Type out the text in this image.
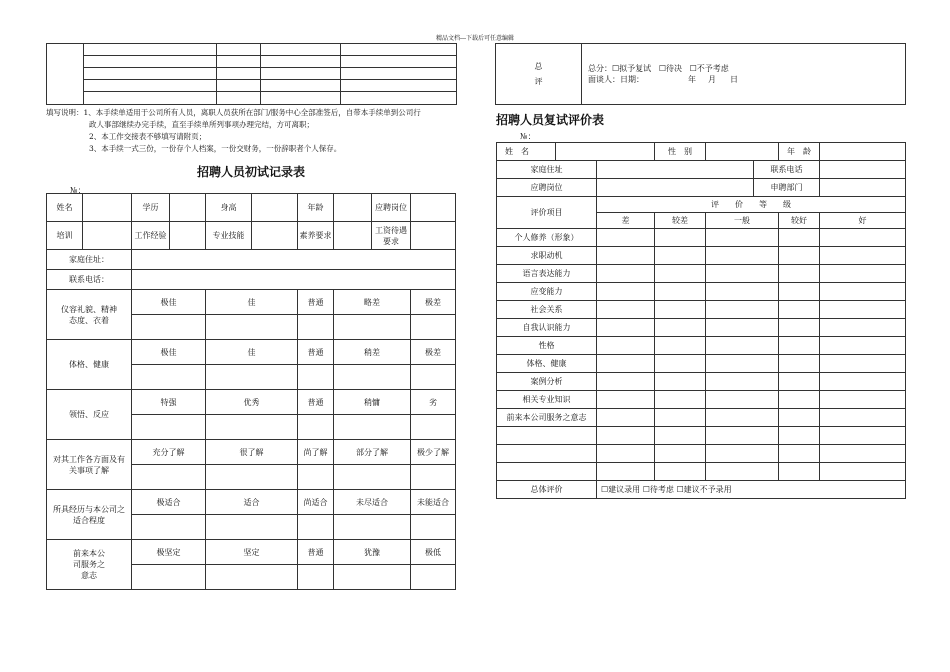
精品文档---下载后可任意编辑

填写说明：1、本手续单适用于公司所有人员，离职人员获所在部门/服务中心全部准签后，自带本手续单到公司行
政人事部继续办完手续，直至手续单所列事项办理完结，方可离职；
2、本工作交接表不够填写请附页；
3、本手续一式三份，一份存个人档案，一份交财务，一份辞职者个人保存。
招聘人员初试记录表
№：
姓名		学历		身高		年龄		应聘岗位	
培训		工作经验		专业技能		素养要求		工资待遇要求	
家庭住址：									
联系电话：									
仪容礼貌、精神态度、衣着		极佳		佳		普通	略差		极差

体格、健康		极佳		佳		普通	稍差		极差

领悟、反应		特强		优秀		普通	稍慵		劣

对其工作各方面及有关事项了解		充分了解		很了解		尚了解	部分了解		极少了解

所具经历与本公司之适合程度		极适合		适合		尚适合	未尽适合		未能适合

前来本公司服务之意志		极坚定		坚定		普通	犹豫		极低

总
评

总分：☐拟予复试 ☐待决 ☐不予考虑
面谈人：日期：	年 月 日
招聘人员复试评价表
№：
姓　名			性　别			年　龄	
家庭住址					联系电话		
应聘岗位					申聘部门		
评价项目		评　　价　　等　　级					
		差	较差	一般		较好	好
个人修养（形象）							
求职动机							
语言表达能力							
应变能力							
社会关系							
自我认识能力							
性格							
体格、健康							
案例分析							
相关专业知识							
前来本公司服务之意志							

总体评价		☐建议录用 ☐待考虑 ☐建议不予录用					
